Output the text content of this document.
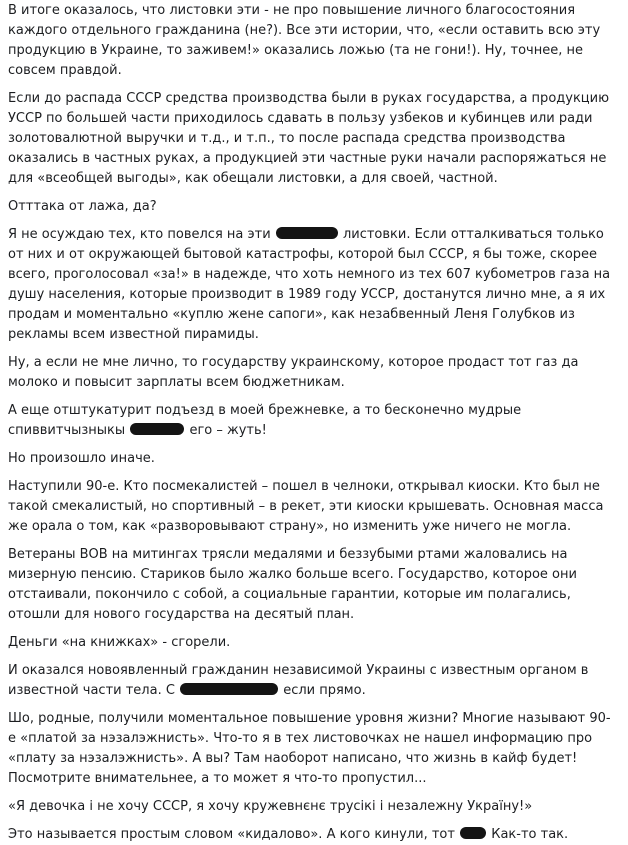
В итоге оказалось, что листовки эти - не про повышение личного благосостояния каждого отдельного гражданина (не?). Все эти истории, что, «если оставить всю эту продукцию в Украине, то заживем!» оказались ложью (та не гони!). Ну, точнее, не совсем правдой.

Если до распада СССР средства производства были в руках государства, а продукцию УССР по большей части приходилось сдавать в пользу узбеков и кубинцев или ради золотовалютной выручки и т.д., и т.п., то после распада средства производства оказались в частных руках, а продукцией эти частные руки начали распоряжаться не для «всеобщей выгоды», как обещали листовки, а для своей, частной.

Отттака от лажа, да?

Я не осуждаю тех, кто повелся на эти	листовки. Если отталкиваться только от них и от окружающей бытовой катастрофы, которой был СССР, я бы тоже, скорее всего, проголосовал «за!» в надежде, что хоть немного из тех 607 кубометров газа на душу населения, которые производит в 1989 году УССР, достанутся лично мне, а я их продам и моментально «куплю жене сапоги», как незабвенный Леня Голубков из рекламы всем известной пирамиды.

Ну, а если не мне лично, то государству украинскому, которое продаст тот газ да молоко и повысит зарплаты всем бюджетникам.

А еще отштукатурит подъезд в моей брежневке, а то бесконечно мудрые спиввитчызныкы	его – жуть!

Но произошло иначе.

Наступили 90-е. Кто посмекалистей – пошел в челноки, открывал киоски. Кто был не такой смекалистый, но спортивный – в рекет, эти киоски крышевать. Основная масса же орала о том, как «разворовывают страну», но изменить уже ничего не могла.

Ветераны ВОВ на митингах трясли медалями и беззубыми ртами жаловались на мизерную пенсию. Стариков было жалко больше всего. Государство, которое они отстаивали, покончило с собой, а социальные гарантии, которые им полагались, отошли для нового государства на десятый план.

Деньги «на книжках» - сгорели.

И оказался новоявленный гражданин независимой Украины с известным органом в известной части тела. С	если прямо.

Шо, родные, получили моментальное повышение уровня жизни? Многие называют 90-е «платой за нэзалэжнисть». Что-то я в тех листовочках не нашел информацию про «плату за нэзалэжнисть». А вы? Там наоборот написано, что жизнь в кайф будет! Посмотрите внимательнее, а то может я что-то пропустил...

«Я девочка і не хочу СССР, я хочу кружевнєнє трусікі і незалежну Україну!»

Это называется простым словом «кидалово». А кого кинули, тот	Как-то так.
